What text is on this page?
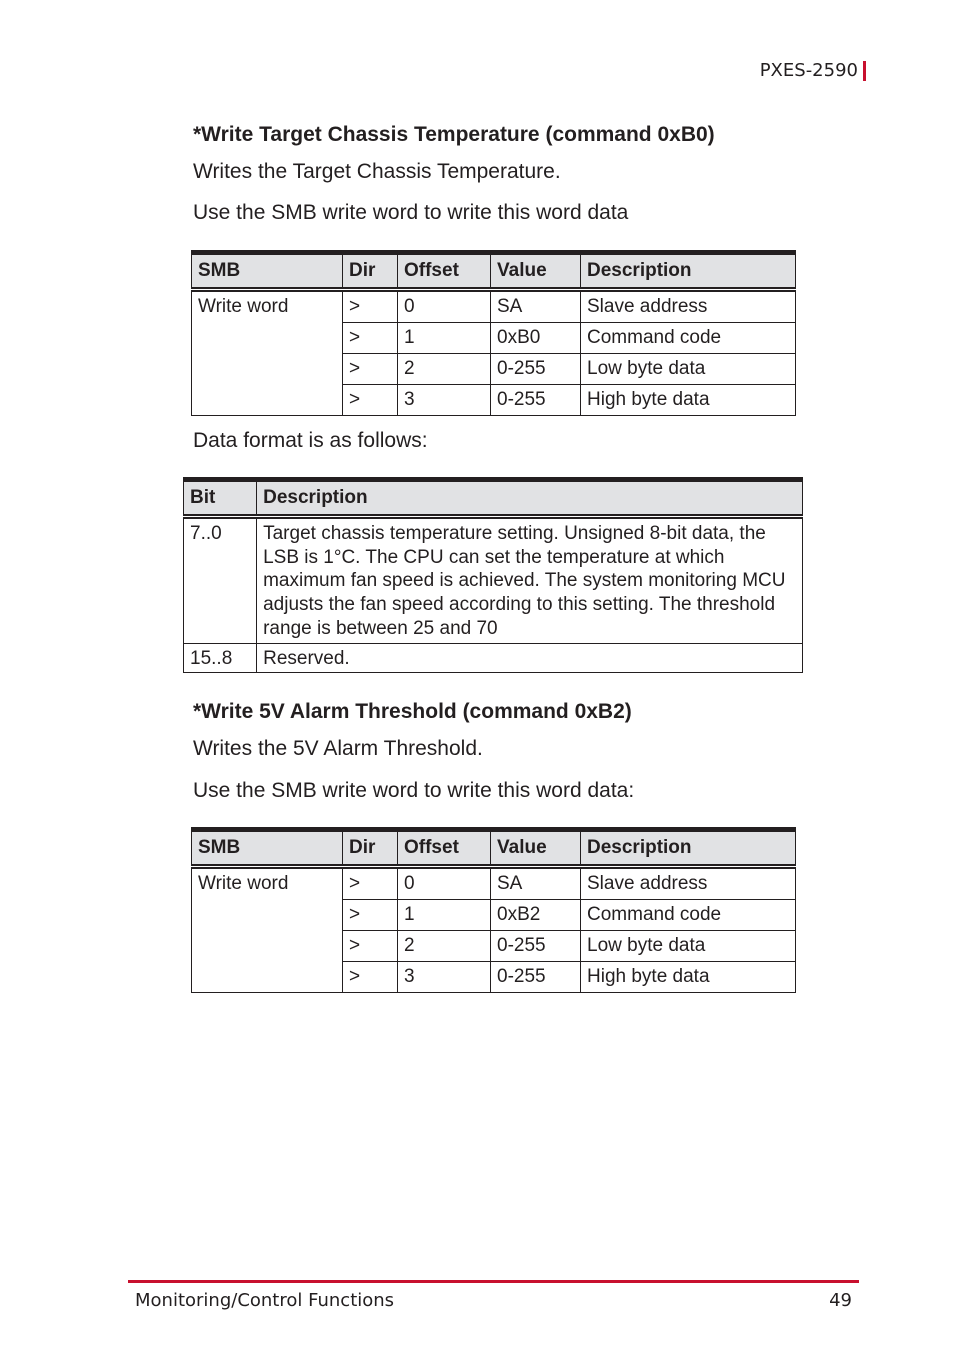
PXES-2590
*Write Target Chassis Temperature (command 0xB0)

Writes the Target Chassis Temperature.

Use the SMB write word to write this word data

SMB	Dir	Offset	Value	Description
Write word	>	0	SA	Slave address
	>	1	0xB0	Command code
	>	2	0-255	Low byte data
	>	3	0-255	High byte data

Data format is as follows:

Bit	Description
7..0	Target chassis temperature setting. Unsigned 8-bit data, the LSB is 1°C. The CPU can set the temperature at which maximum fan speed is achieved. The system monitoring MCU adjusts the fan speed according to this setting. The threshold range is between 25 and 70
15..8	Reserved.
*Write 5V Alarm Threshold (command 0xB2)

Writes the 5V Alarm Threshold.

Use the SMB write word to write this word data:

SMB	Dir	Offset	Value	Description
Write word	>	0	SA	Slave address
	>	1	0xB2	Command code
	>	2	0-255	Low byte data
	>	3	0-255	High byte data
Monitoring/Control Functions	49
